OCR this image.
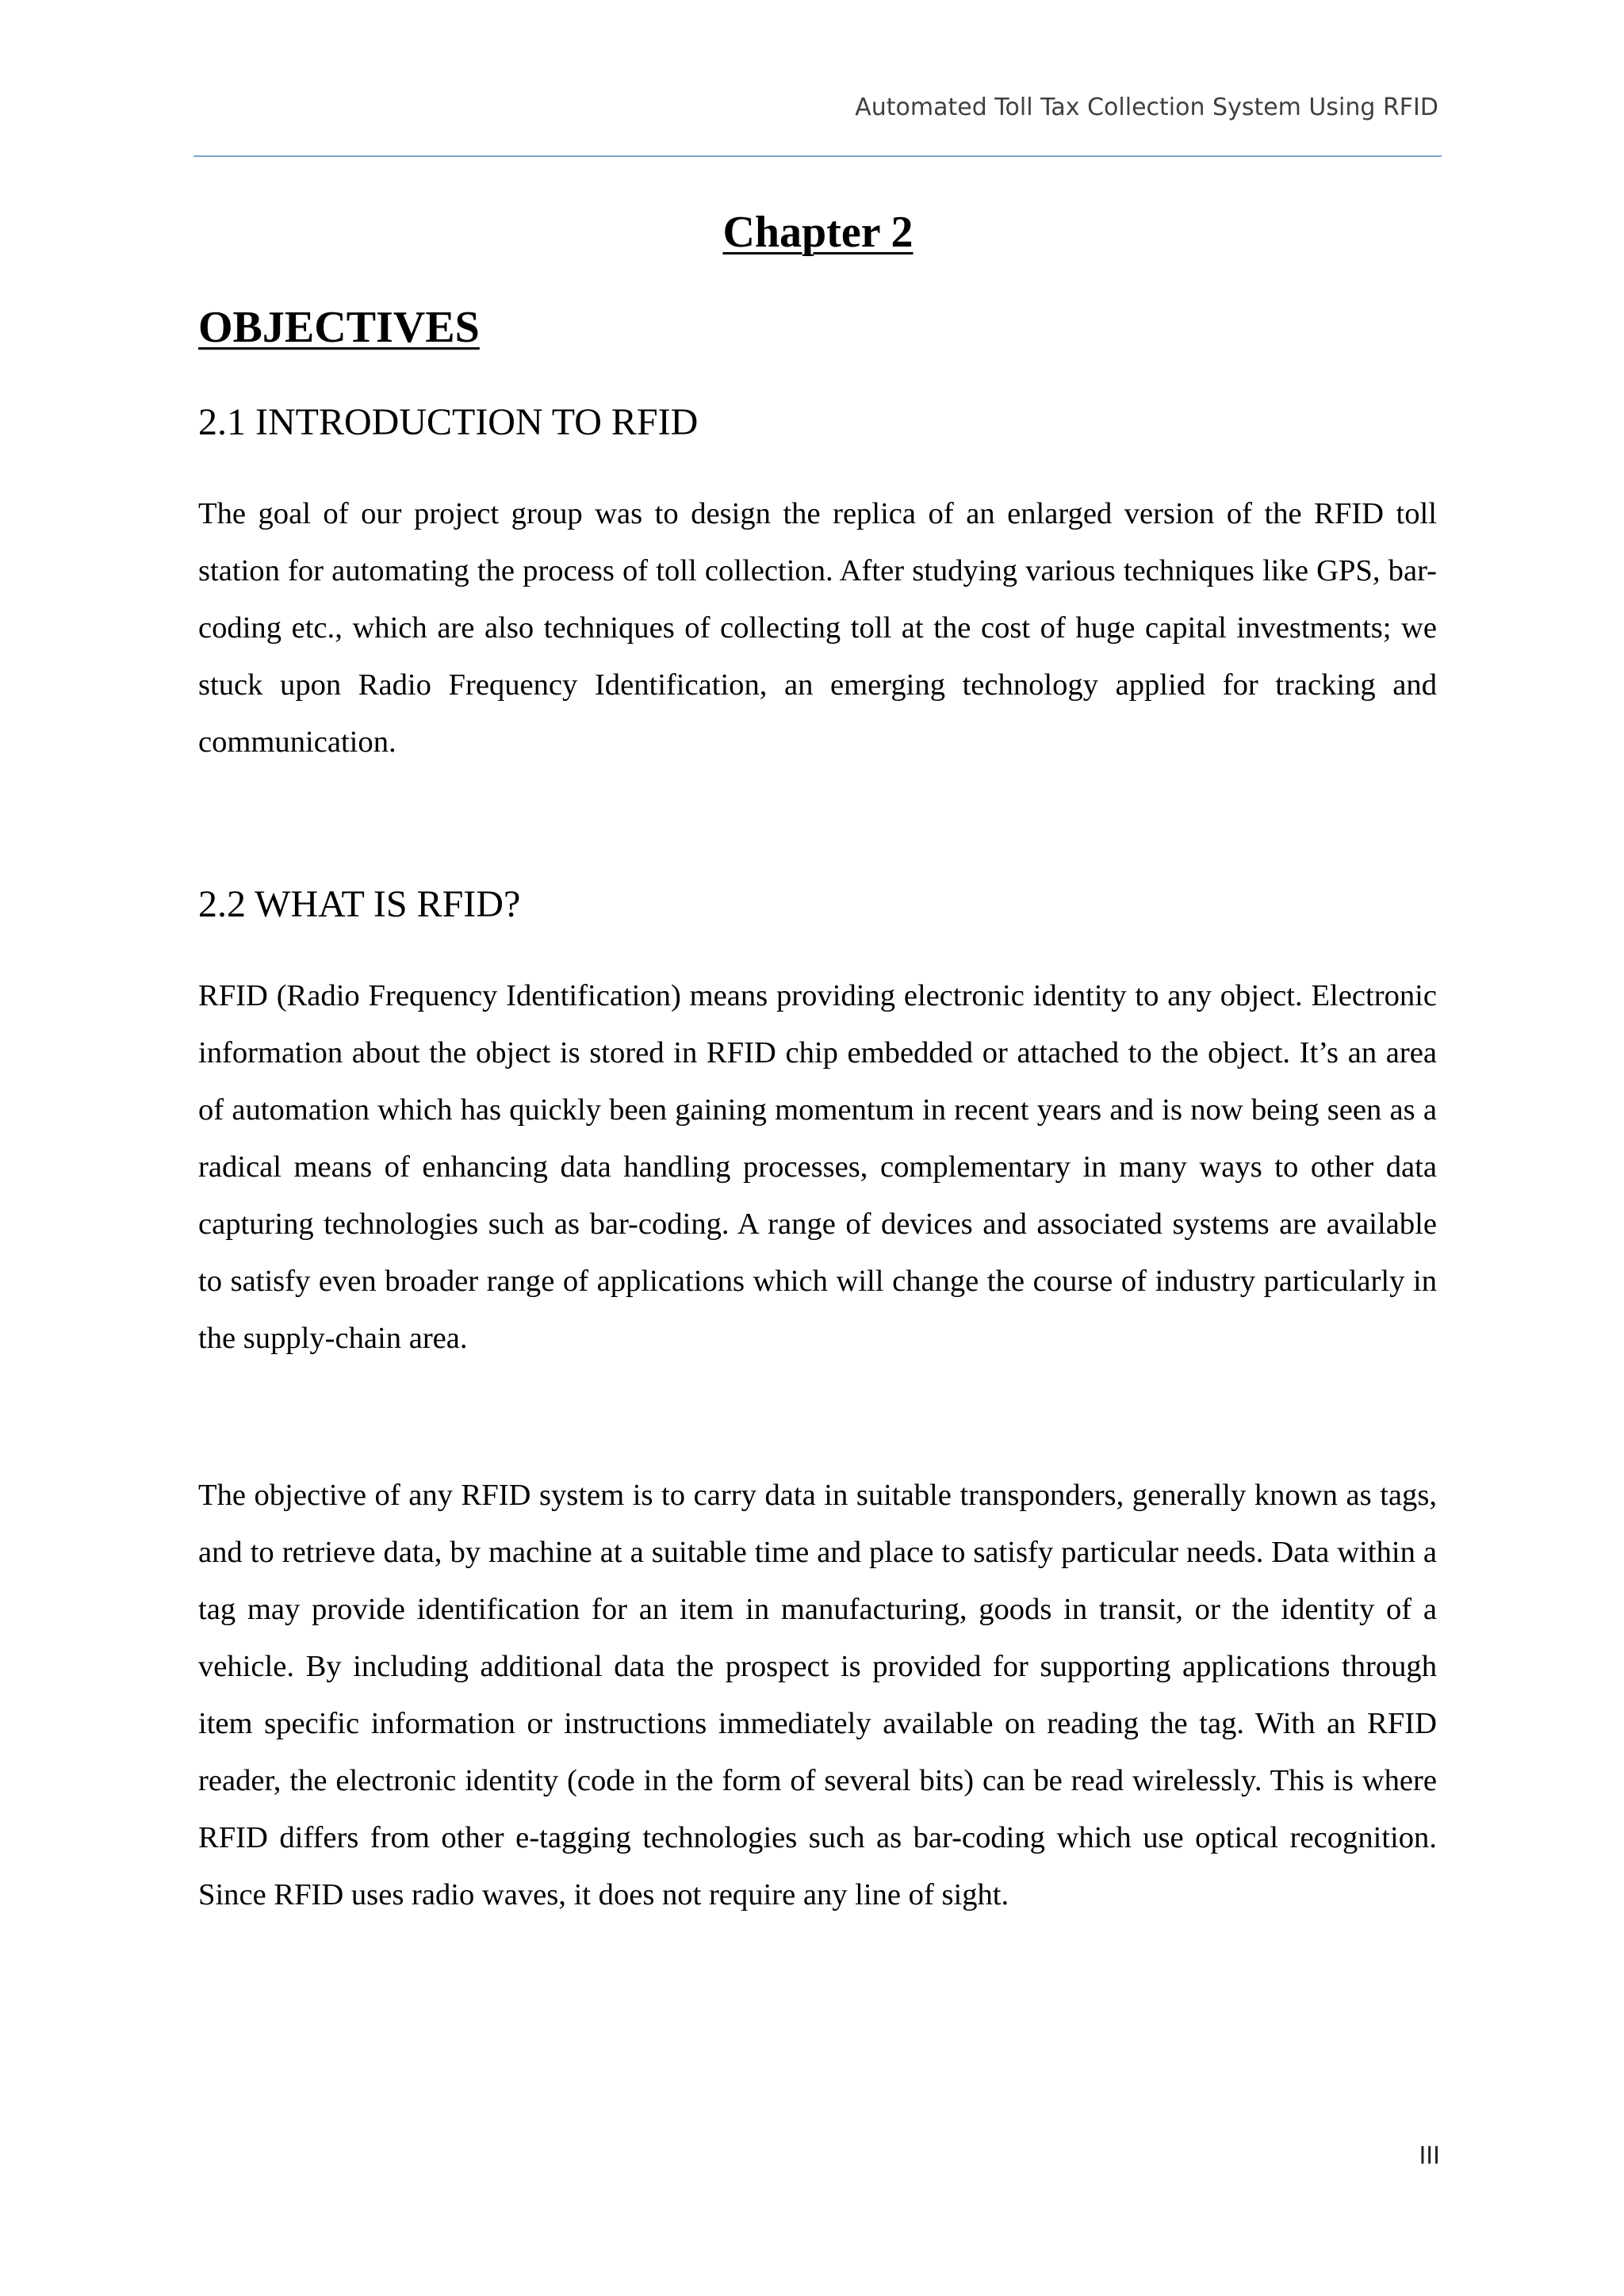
Automated Toll Tax Collection System Using RFID
Chapter 2
OBJECTIVES
2.1 INTRODUCTION TO RFID

The goal of our project group was to design the replica of an enlarged version of the RFID toll station for automating the process of toll collection. After studying various techniques like GPS, bar-coding etc., which are also techniques of collecting toll at the cost of huge capital investments; we stuck upon Radio Frequency Identification, an emerging technology applied for tracking and communication.

2.2 WHAT IS RFID?

RFID (Radio Frequency Identification) means providing electronic identity to any object. Electronic information about the object is stored in RFID chip embedded or attached to the object. It’s an area of automation which has quickly been gaining momentum in recent years and is now being seen as a radical means of enhancing data handling processes, complementary in many ways to other data capturing technologies such as bar-coding. A range of devices and associated systems are available to satisfy even broader range of applications which will change the course of industry particularly in the supply-chain area.

The objective of any RFID system is to carry data in suitable transponders, generally known as tags, and to retrieve data, by machine at a suitable time and place to satisfy particular needs. Data within a tag may provide identification for an item in manufacturing, goods in transit, or the identity of a vehicle. By including additional data the prospect is provided for supporting applications through item specific information or instructions immediately available on reading the tag. With an RFID reader, the electronic identity (code in the form of several bits) can be read wirelessly. This is where RFID differs from other e-tagging technologies such as bar-coding which use optical recognition. Since RFID uses radio waves, it does not require any line of sight.

III
